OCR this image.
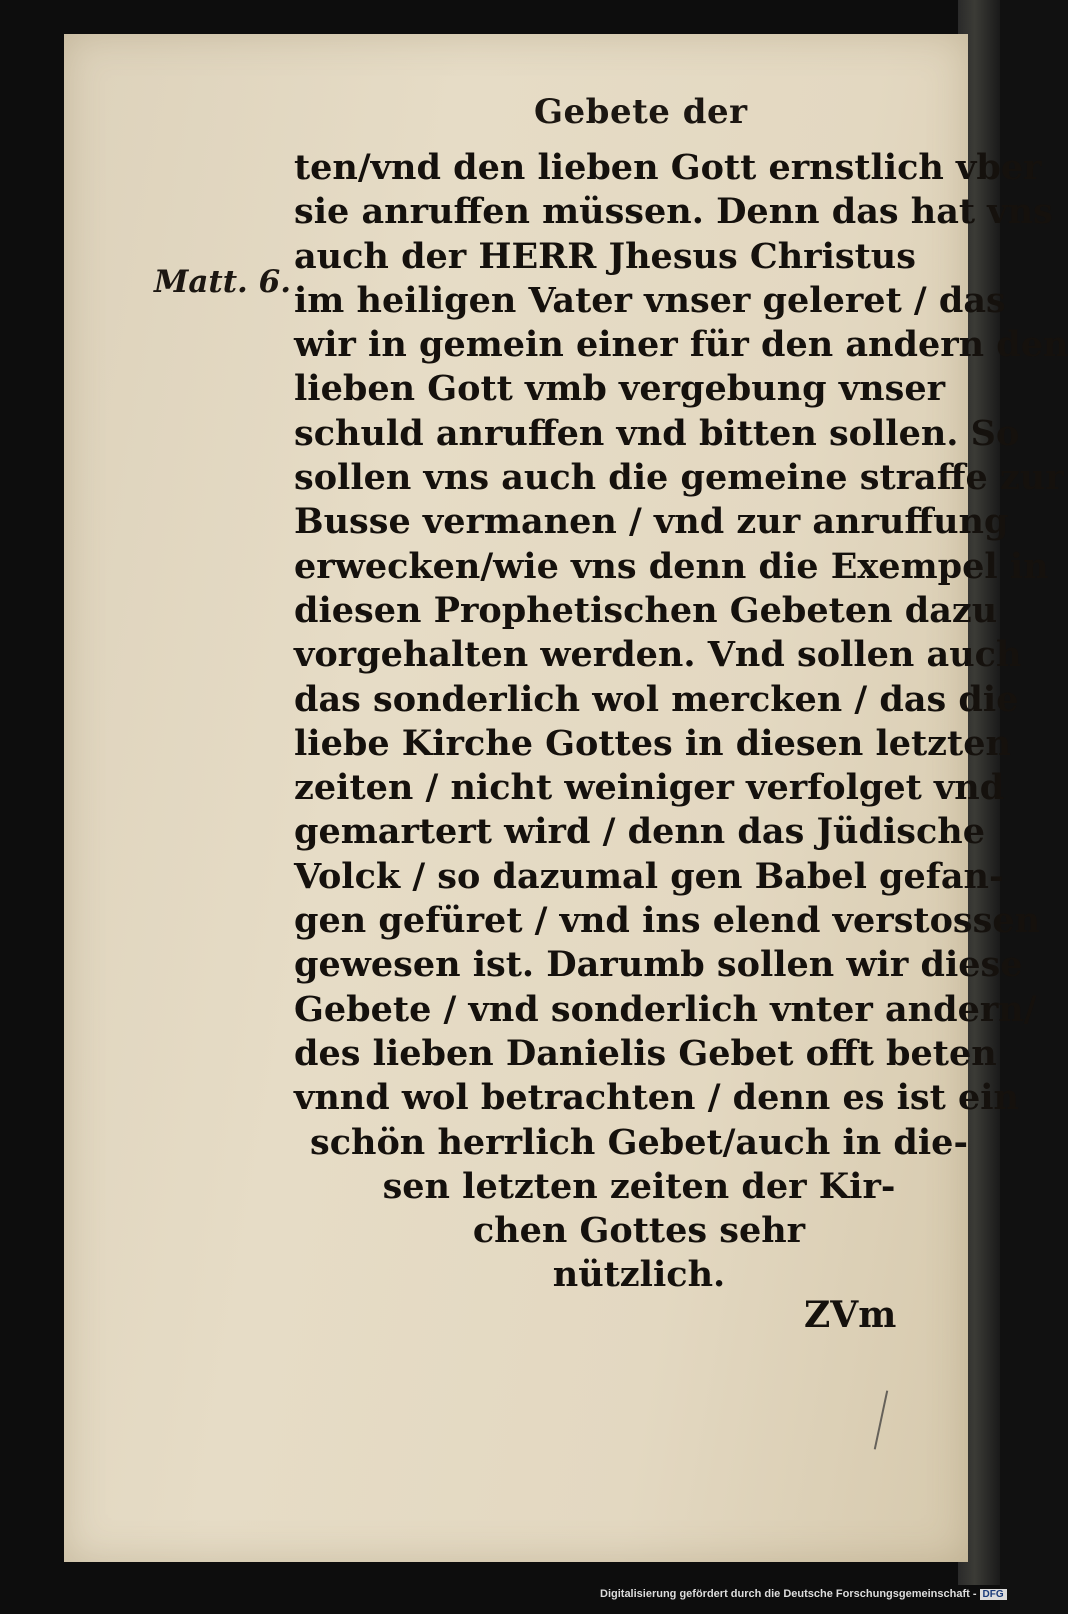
Gebete der
Matt. 6.
ten/vnd den lieben Gott ernstlich vber
sie anruffen müssen. Denn das hat vns
auch der HERR Jhesus Christus
im heiligen Vater vnser geleret / das
wir in gemein einer für den andern den
lieben Gott vmb vergebung vnser
schuld anruffen vnd bitten sollen. So
sollen vns auch die gemeine straffe zur
Busse vermanen / vnd zur anruffung
erwecken/wie vns denn die Exempel in
diesen Prophetischen Gebeten dazu
vorgehalten werden. Vnd sollen auch
das sonderlich wol mercken / das die
liebe Kirche Gottes in diesen letzten
zeiten / nicht weiniger verfolget vnd
gemartert wird / denn das Jüdische
Volck / so dazumal gen Babel gefan-
gen gefüret / vnd ins elend verstossen
gewesen ist. Darumb sollen wir diese
Gebete / vnd sonderlich vnter andern/
des lieben Danielis Gebet offt beten
vnnd wol betrachten / denn es ist ein
schön herrlich Gebet/auch in die-
sen letzten zeiten der Kir-
chen Gottes sehr
nützlich.
ZVm
Digitalisierung gefördert durch die Deutsche Forschungsgemeinschaft - DFG
